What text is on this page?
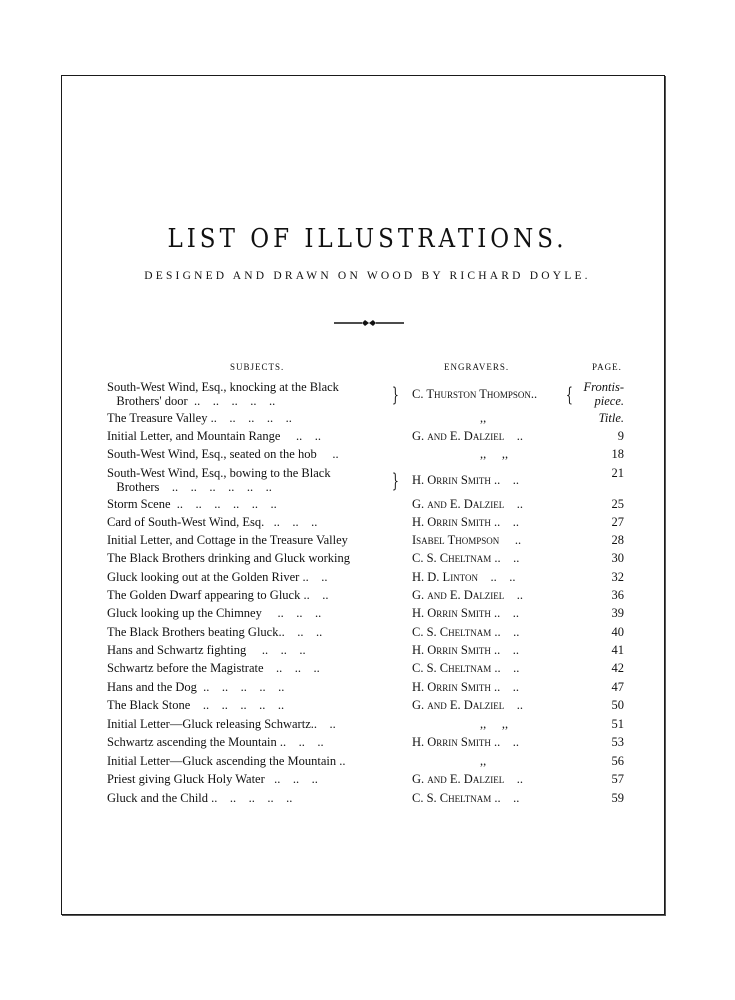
LIST OF ILLUSTRATIONS.
DESIGNED AND DRAWN ON WOOD BY RICHARD DOYLE.
SUBJECTS.	ENGRAVERS.	PAGE.
South-West Wind, Esq., knocking at the Black
Brothers' door  ..    ..    ..    ..    ..	} C. Thurston Thompson.. { Frontis-
piece.
The Treasure Valley ..    ..    ..    ..    ..	,,	Title.
Initial Letter, and Mountain Range     ..    ..	G. and E. Dalziel    ..	9
South-West Wind, Esq., seated on the hob     ..	,,     ,,	18
South-West Wind, Esq., bowing to the Black
Brothers    ..    ..    ..    ..    ..    ..	} H. Orrin Smith ..    ..	21
Storm Scene  ..    ..    ..    ..    ..    ..	G. and E. Dalziel    ..	25
Card of South-West Wind, Esq.   ..    ..    ..	H. Orrin Smith ..    ..	27
Initial Letter, and Cottage in the Treasure Valley	Isabel Thompson     ..	28
The Black Brothers drinking and Gluck working	C. S. Cheltnam ..    ..	30
Gluck looking out at the Golden River ..    ..	H. D. Linton    ..    ..	32
The Golden Dwarf appearing to Gluck ..    ..	G. and E. Dalziel    ..	36
Gluck looking up the Chimney     ..    ..    ..	H. Orrin Smith ..    ..	39
The Black Brothers beating Gluck..    ..    ..	C. S. Cheltnam ..    ..	40
Hans and Schwartz fighting     ..    ..    ..	H. Orrin Smith ..    ..	41
Schwartz before the Magistrate    ..    ..    ..	C. S. Cheltnam ..    ..	42
Hans and the Dog  ..    ..    ..    ..    ..	H. Orrin Smith ..    ..	47
The Black Stone    ..    ..    ..    ..    ..	G. and E. Dalziel    ..	50
Initial Letter—Gluck releasing Schwartz..    ..	,,     ,,	51
Schwartz ascending the Mountain ..    ..    ..	H. Orrin Smith ..    ..	53
Initial Letter—Gluck ascending the Mountain ..	,,	56
Priest giving Gluck Holy Water   ..    ..    ..	G. and E. Dalziel    ..	57
Gluck and the Child ..    ..    ..    ..    ..	C. S. Cheltnam ..    ..	59
